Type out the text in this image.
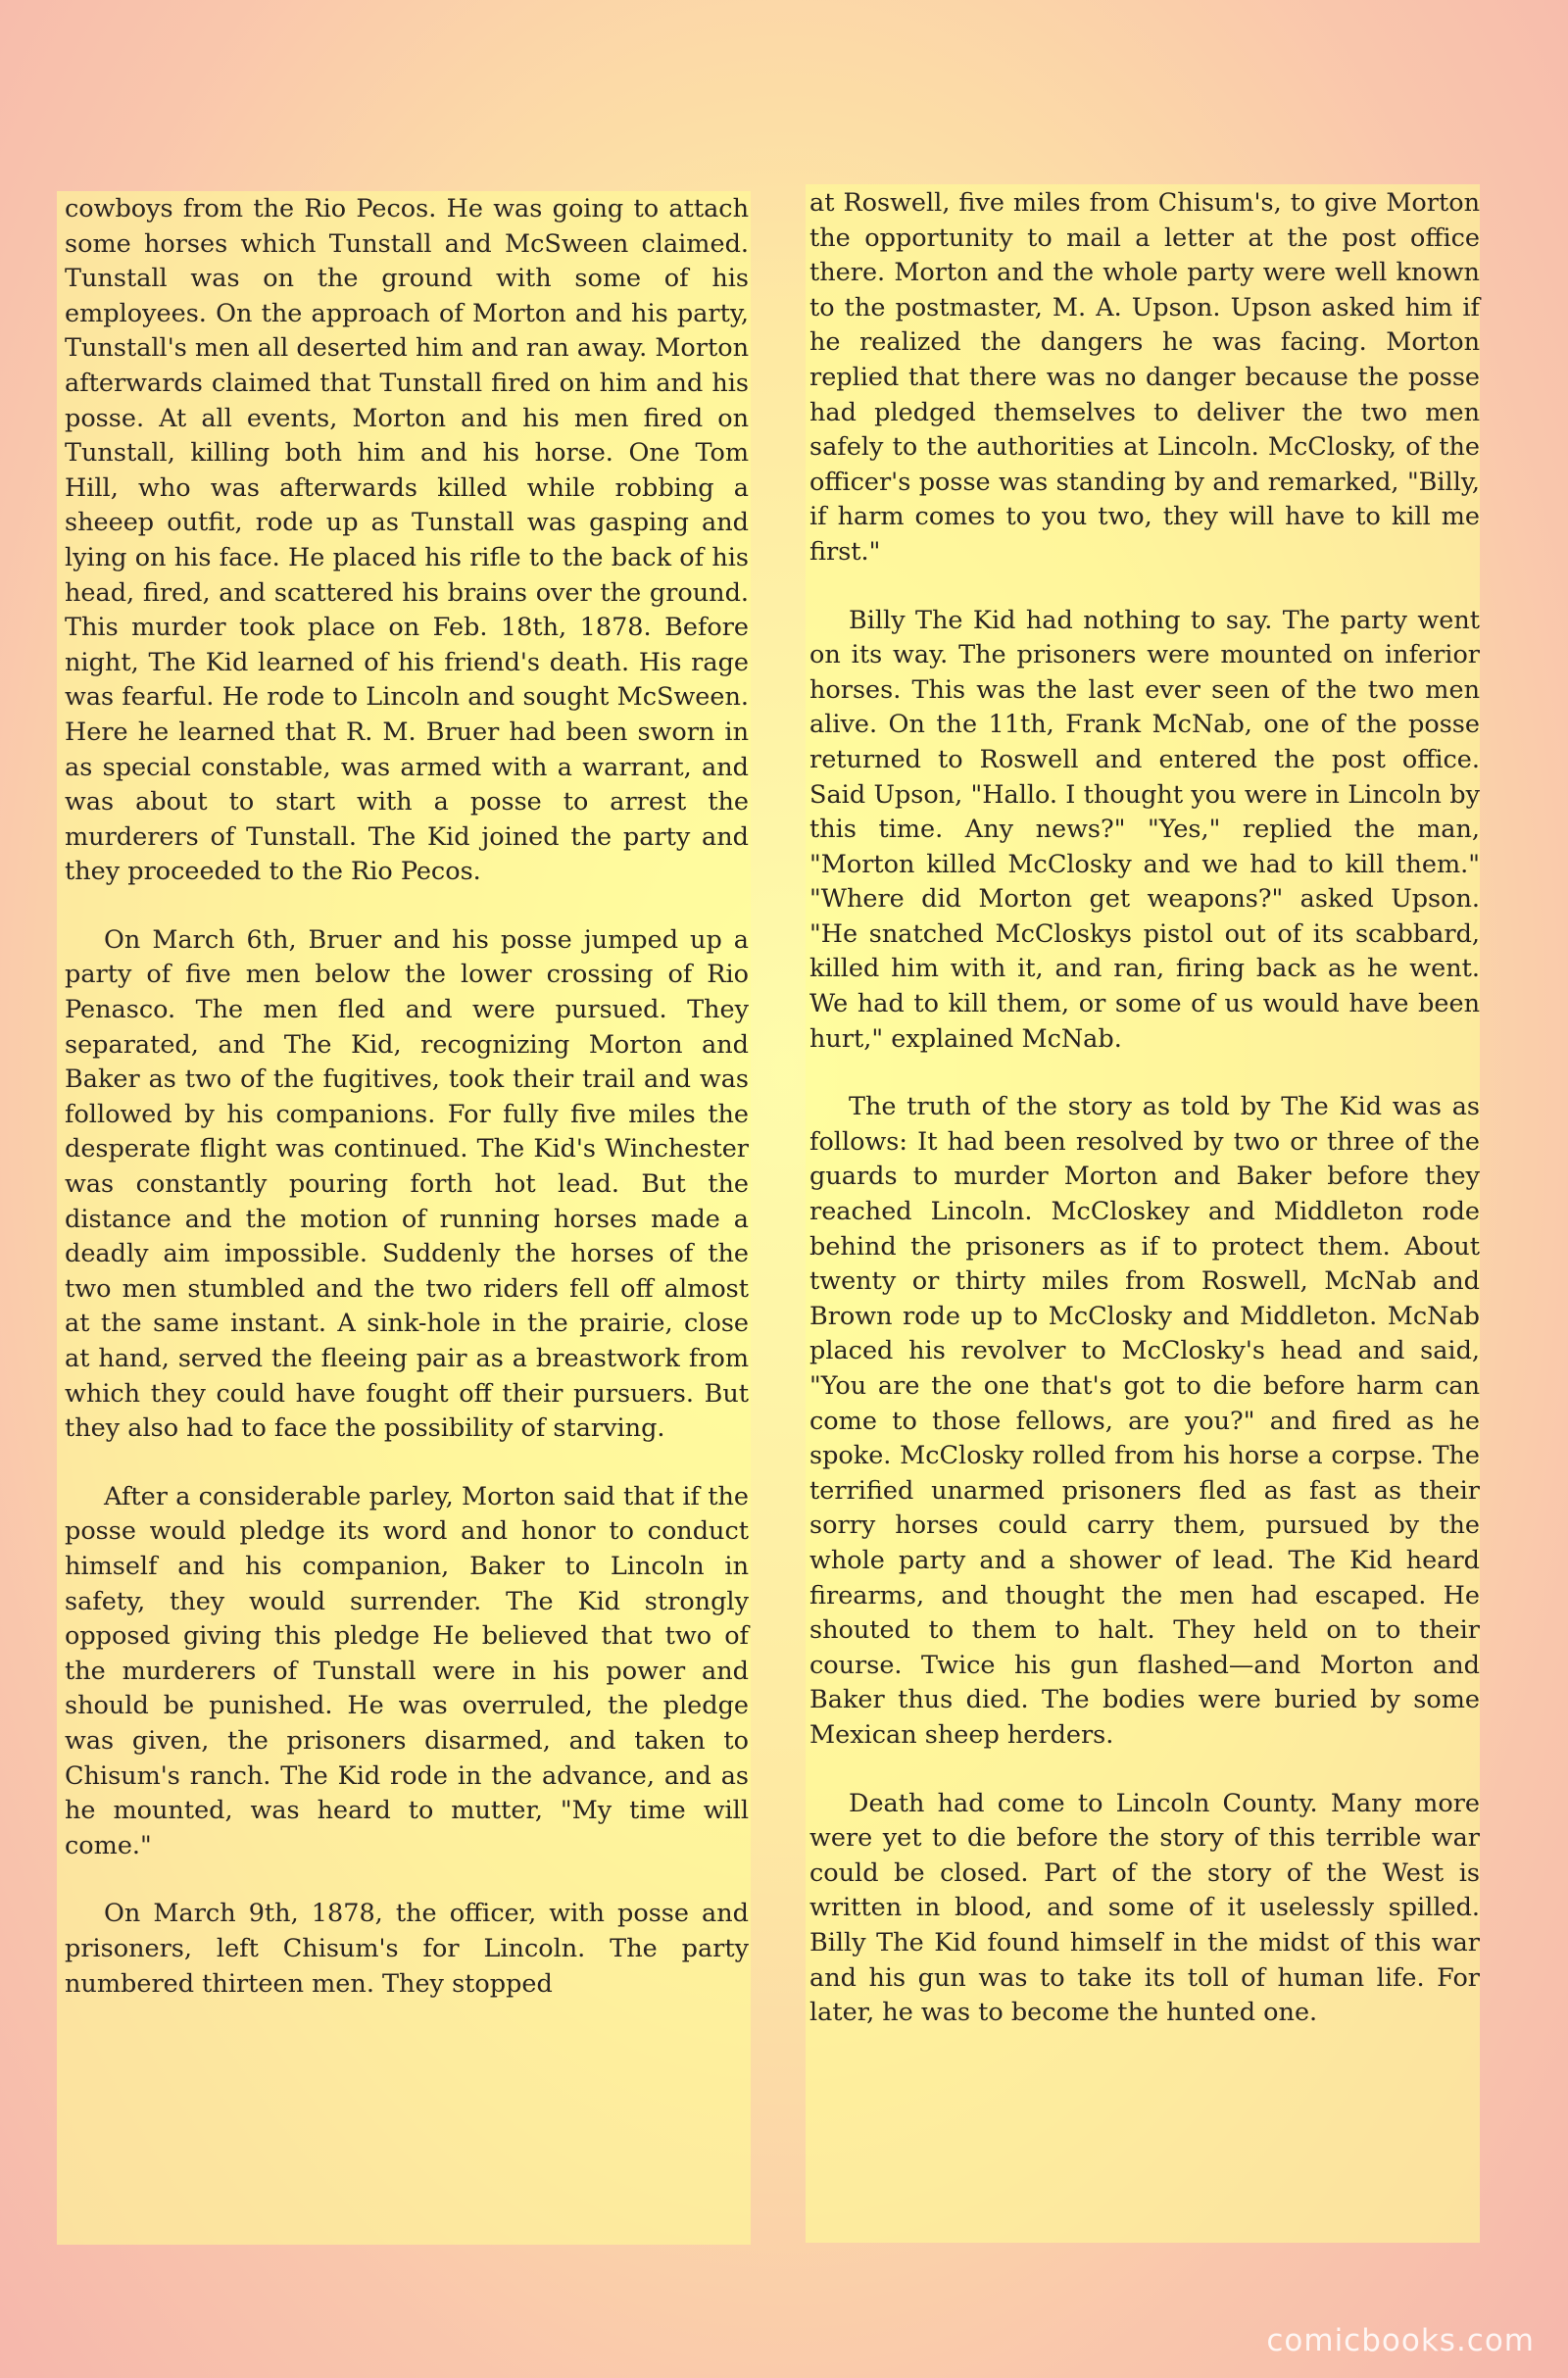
cowboys from the Rio Pecos. He was going to attach some horses which Tunstall and McSween claimed. Tunstall was on the ground with some of his employees. On the approach of Morton and his party, Tunstall's men all deserted him and ran away. Morton afterwards claimed that Tunstall fired on him and his posse. At all events, Morton and his men fired on Tunstall, killing both him and his horse. One Tom Hill, who was afterwards killed while robbing a sheeep outfit, rode up as Tunstall was gasping and lying on his face. He placed his rifle to the back of his head, fired, and scattered his brains over the ground. This murder took place on Feb. 18th, 1878. Before night, The Kid learned of his friend's death. His rage was fearful. He rode to Lincoln and sought McSween. Here he learned that R. M. Bruer had been sworn in as special constable, was armed with a warrant, and was about to start with a posse to arrest the murderers of Tunstall. The Kid joined the party and they proceeded to the Rio Pecos.

On March 6th, Bruer and his posse jumped up a party of five men below the lower crossing of Rio Penasco. The men fled and were pursued. They separated, and The Kid, recognizing Morton and Baker as two of the fugitives, took their trail and was followed by his companions. For fully five miles the desperate flight was continued. The Kid's Winchester was constantly pouring forth hot lead. But the distance and the motion of running horses made a deadly aim impossible. Suddenly the horses of the two men stumbled and the two riders fell off almost at the same instant. A sink-hole in the prairie, close at hand, served the fleeing pair as a breastwork from which they could have fought off their pursuers. But they also had to face the possibility of starving.

After a considerable parley, Morton said that if the posse would pledge its word and honor to conduct himself and his companion, Baker to Lincoln in safety, they would surrender. The Kid strongly opposed giving this pledge He believed that two of the murderers of Tunstall were in his power and should be punished. He was overruled, the pledge was given, the prisoners disarmed, and taken to Chisum's ranch. The Kid rode in the advance, and as he mounted, was heard to mutter, "My time will come."

On March 9th, 1878, the officer, with posse and prisoners, left Chisum's for Lincoln. The party numbered thirteen men. They stopped

at Roswell, five miles from Chisum's, to give Morton the opportunity to mail a letter at the post office there. Morton and the whole party were well known to the postmaster, M. A. Upson. Upson asked him if he realized the dangers he was facing. Morton replied that there was no danger because the posse had pledged themselves to deliver the two men safely to the authorities at Lincoln. McClosky, of the officer's posse was standing by and remarked, "Billy, if harm comes to you two, they will have to kill me first."

Billy The Kid had nothing to say. The party went on its way. The prisoners were mounted on inferior horses. This was the last ever seen of the two men alive. On the 11th, Frank McNab, one of the posse returned to Roswell and entered the post office. Said Upson, "Hallo. I thought you were in Lincoln by this time. Any news?" "Yes," replied the man, "Morton killed McClosky and we had to kill them." "Where did Morton get weapons?" asked Upson. "He snatched McCloskys pistol out of its scabbard, killed him with it, and ran, firing back as he went. We had to kill them, or some of us would have been hurt," explained McNab.

The truth of the story as told by The Kid was as follows: It had been resolved by two or three of the guards to murder Morton and Baker before they reached Lincoln. McCloskey and Middleton rode behind the prisoners as if to protect them. About twenty or thirty miles from Roswell, McNab and Brown rode up to McClosky and Middleton. McNab placed his revolver to McClosky's head and said, "You are the one that's got to die before harm can come to those fellows, are you?" and fired as he spoke. McClosky rolled from his horse a corpse. The terrified unarmed prisoners fled as fast as their sorry horses could carry them, pursued by the whole party and a shower of lead. The Kid heard firearms, and thought the men had escaped. He shouted to them to halt. They held on to their course. Twice his gun flashed—and Morton and Baker thus died. The bodies were buried by some Mexican sheep herders.

Death had come to Lincoln County. Many more were yet to die before the story of this terrible war could be closed. Part of the story of the West is written in blood, and some of it uselessly spilled. Billy The Kid found himself in the midst of this war and his gun was to take its toll of human life. For later, he was to become the hunted one.

comicbooks.com
